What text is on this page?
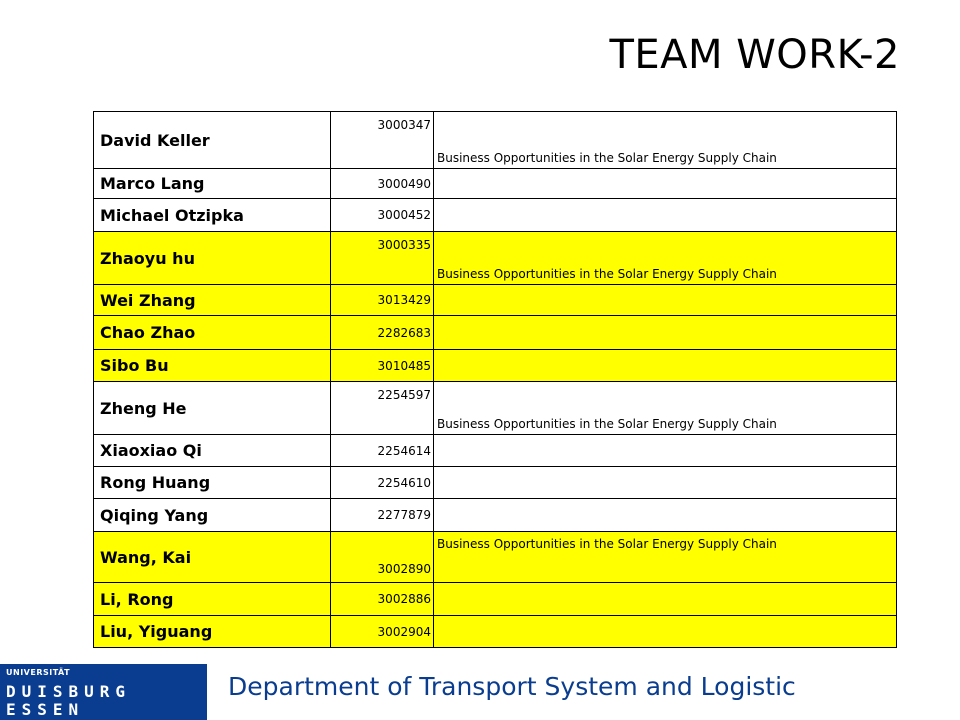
TEAM WORK-2
David Keller	3000347	Business Opportunities in the Solar Energy Supply Chain
Marco Lang	3000490	
Michael Otzipka	3000452	
Zhaoyu hu	3000335	Business Opportunities in the Solar Energy Supply Chain
Wei Zhang	3013429	
Chao Zhao	2282683	
Sibo Bu	3010485	
Zheng He	2254597	Business Opportunities in the Solar Energy Supply Chain
Xiaoxiao Qi	2254614	
Rong Huang	2254610	
Qiqing Yang	2277879	
Wang, Kai	3002890	Business Opportunities in the Solar Energy Supply Chain
Li, Rong	3002886	
Liu, Yiguang	3002904	
UNIVERSITÄT
DUISBURG
ESSEN
Department of Transport System and Logistic
